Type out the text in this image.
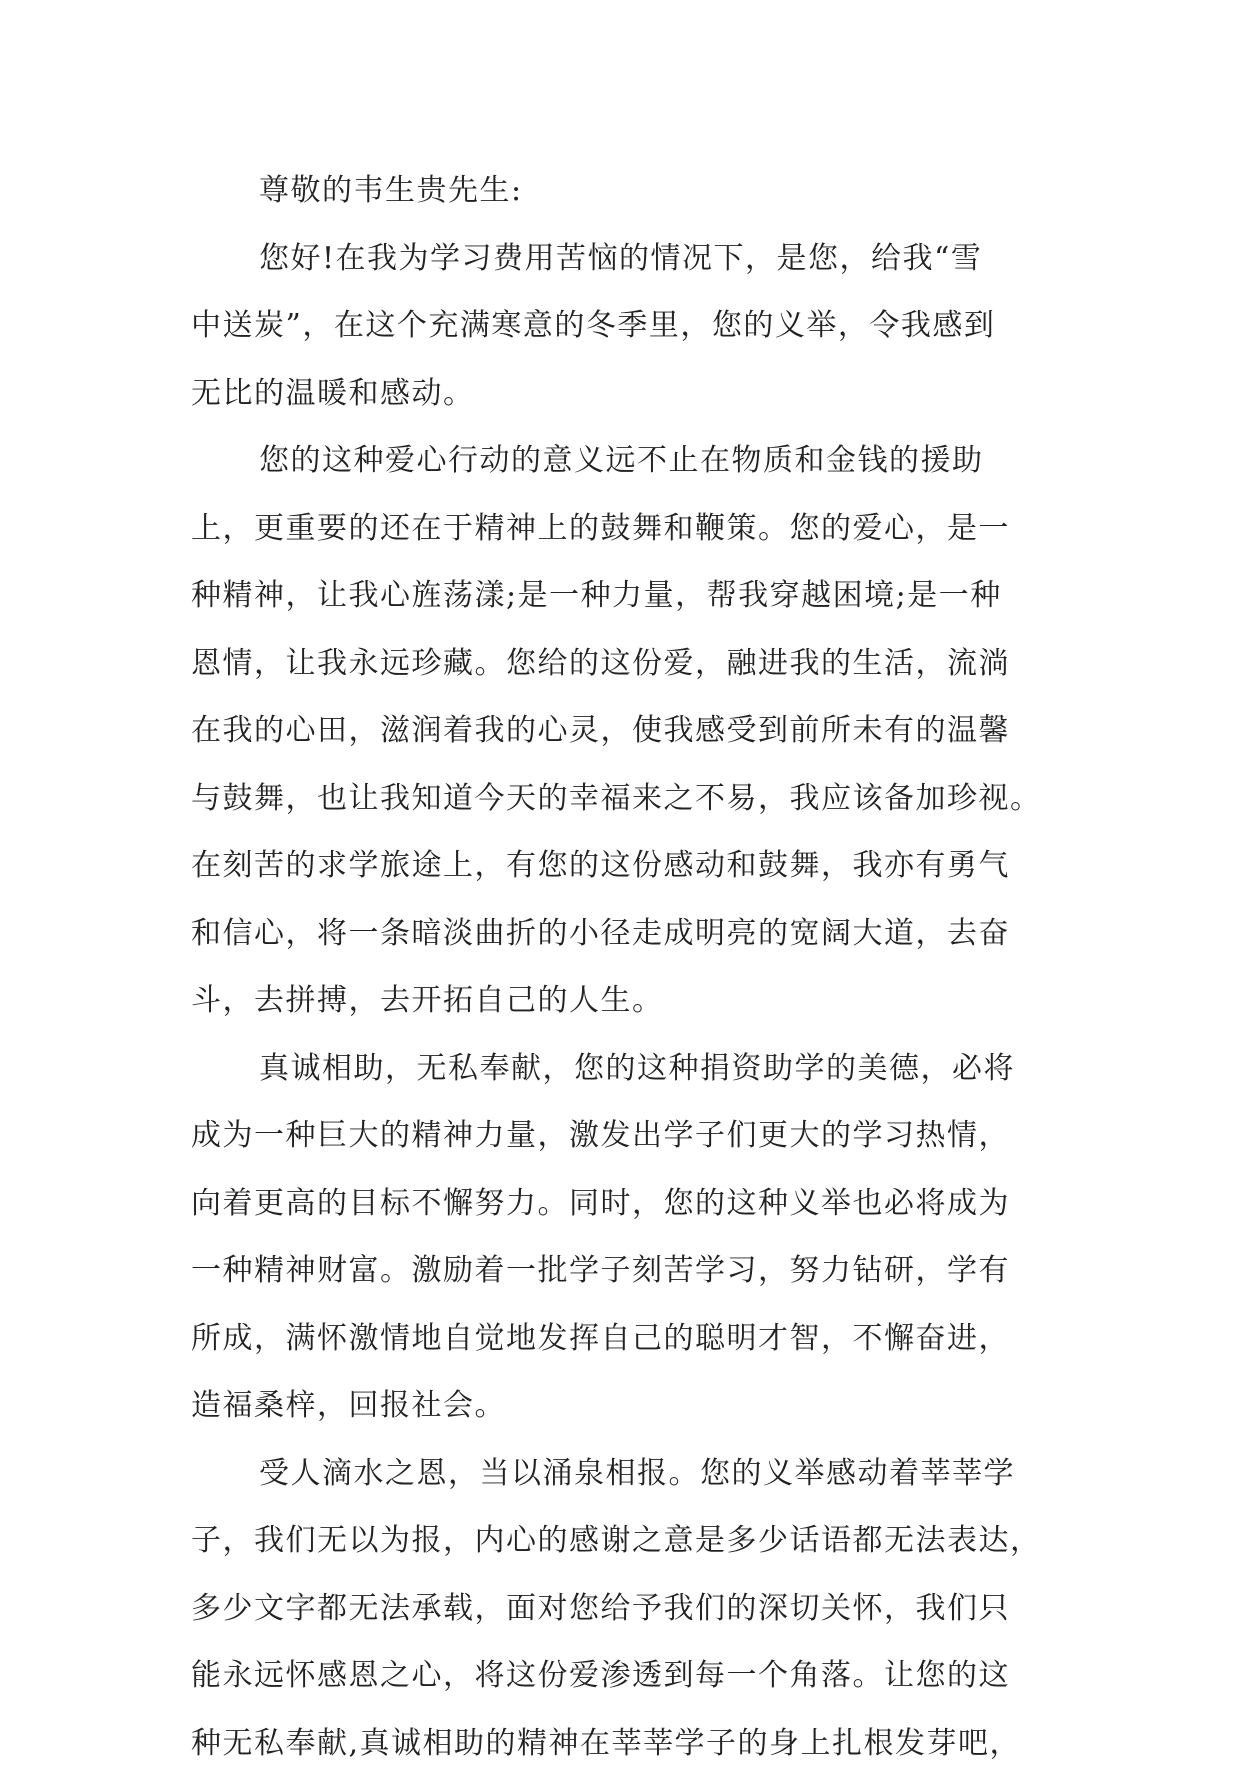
尊敬的韦生贵先生:
您好!在我为学习费用苦恼的情况下，是您，给我“雪
中送炭”，在这个充满寒意的冬季里，您的义举，令我感到
无比的温暖和感动。
您的这种爱心行动的意义远不止在物质和金钱的援助
上，更重要的还在于精神上的鼓舞和鞭策。您的爱心，是一
种精神，让我心旌荡漾;是一种力量，帮我穿越困境;是一种
恩情，让我永远珍藏。您给的这份爱，融进我的生活，流淌
在我的心田，滋润着我的心灵，使我感受到前所未有的温馨
与鼓舞，也让我知道今天的幸福来之不易，我应该备加珍视。
在刻苦的求学旅途上，有您的这份感动和鼓舞，我亦有勇气
和信心，将一条暗淡曲折的小径走成明亮的宽阔大道，去奋
斗，去拼搏，去开拓自己的人生。
真诚相助，无私奉献，您的这种捐资助学的美德，必将
成为一种巨大的精神力量，激发出学子们更大的学习热情，
向着更高的目标不懈努力。同时，您的这种义举也必将成为
一种精神财富。激励着一批学子刻苦学习，努力钻研，学有
所成，满怀激情地自觉地发挥自己的聪明才智，不懈奋进，
造福桑梓，回报社会。
受人滴水之恩，当以涌泉相报。您的义举感动着莘莘学
子，我们无以为报，内心的感谢之意是多少话语都无法表达，
多少文字都无法承载，面对您给予我们的深切关怀，我们只
能永远怀感恩之心，将这份爱渗透到每一个角落。让您的这
种无私奉献,真诚相助的精神在莘莘学子的身上扎根发芽吧，
